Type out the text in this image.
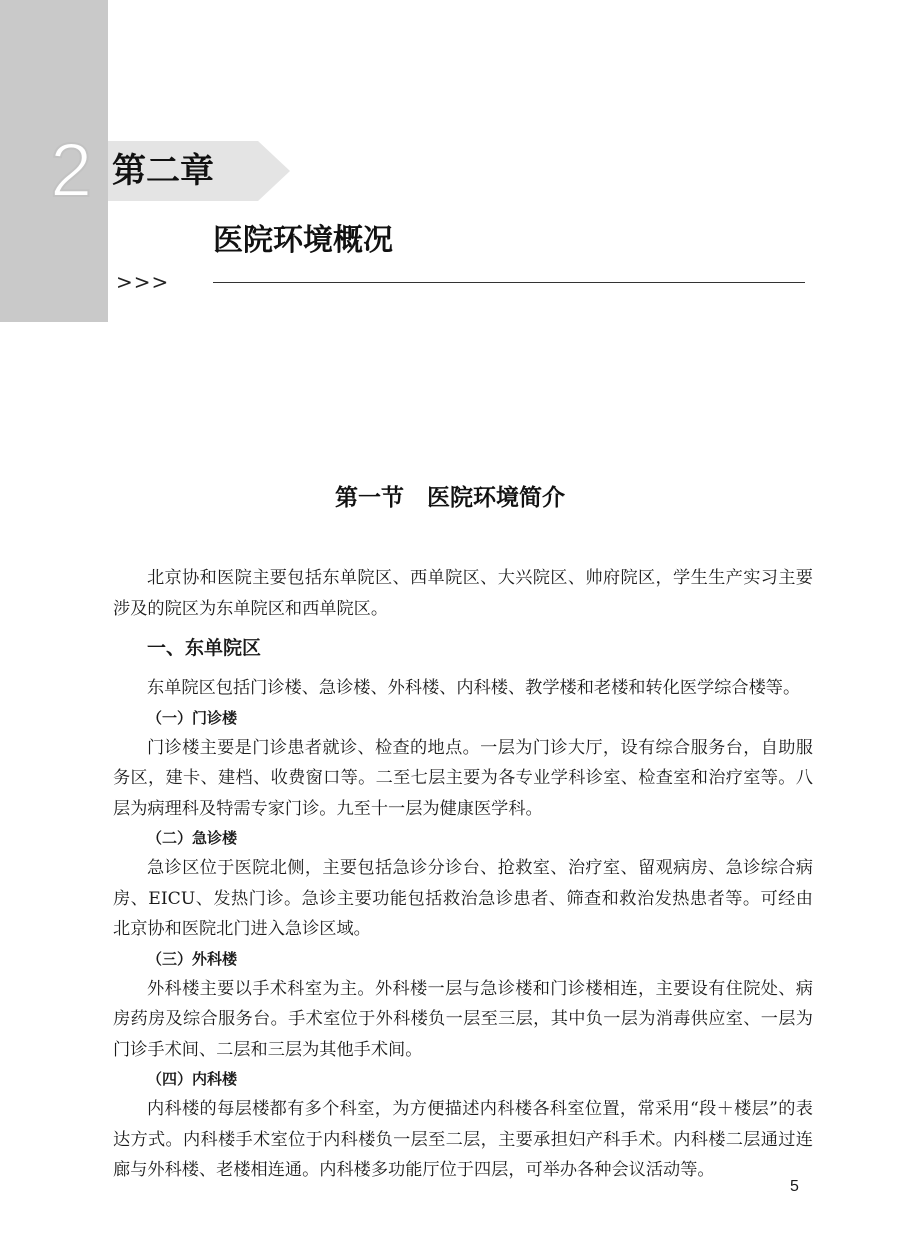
2 第二章
医院环境概况
>>>
第一节　医院环境简介

北京协和医院主要包括东单院区、西单院区、大兴院区、帅府院区，学生生产实习主要涉及的院区为东单院区和西单院区。

一、东单院区

东单院区包括门诊楼、急诊楼、外科楼、内科楼、教学楼和老楼和转化医学综合楼等。

（一）门诊楼

门诊楼主要是门诊患者就诊、检查的地点。一层为门诊大厅，设有综合服务台，自助服务区，建卡、建档、收费窗口等。二至七层主要为各专业学科诊室、检查室和治疗室等。八层为病理科及特需专家门诊。九至十一层为健康医学科。

（二）急诊楼

急诊区位于医院北侧，主要包括急诊分诊台、抢救室、治疗室、留观病房、急诊综合病房、EICU、发热门诊。急诊主要功能包括救治急诊患者、筛查和救治发热患者等。可经由北京协和医院北门进入急诊区域。

（三）外科楼

外科楼主要以手术科室为主。外科楼一层与急诊楼和门诊楼相连，主要设有住院处、病房药房及综合服务台。手术室位于外科楼负一层至三层，其中负一层为消毒供应室、一层为门诊手术间、二层和三层为其他手术间。

（四）内科楼

内科楼的每层楼都有多个科室，为方便描述内科楼各科室位置，常采用“段＋楼层”的表达方式。内科楼手术室位于内科楼负一层至二层，主要承担妇产科手术。内科楼二层通过连廊与外科楼、老楼相连通。内科楼多功能厅位于四层，可举办各种会议活动等。

5
